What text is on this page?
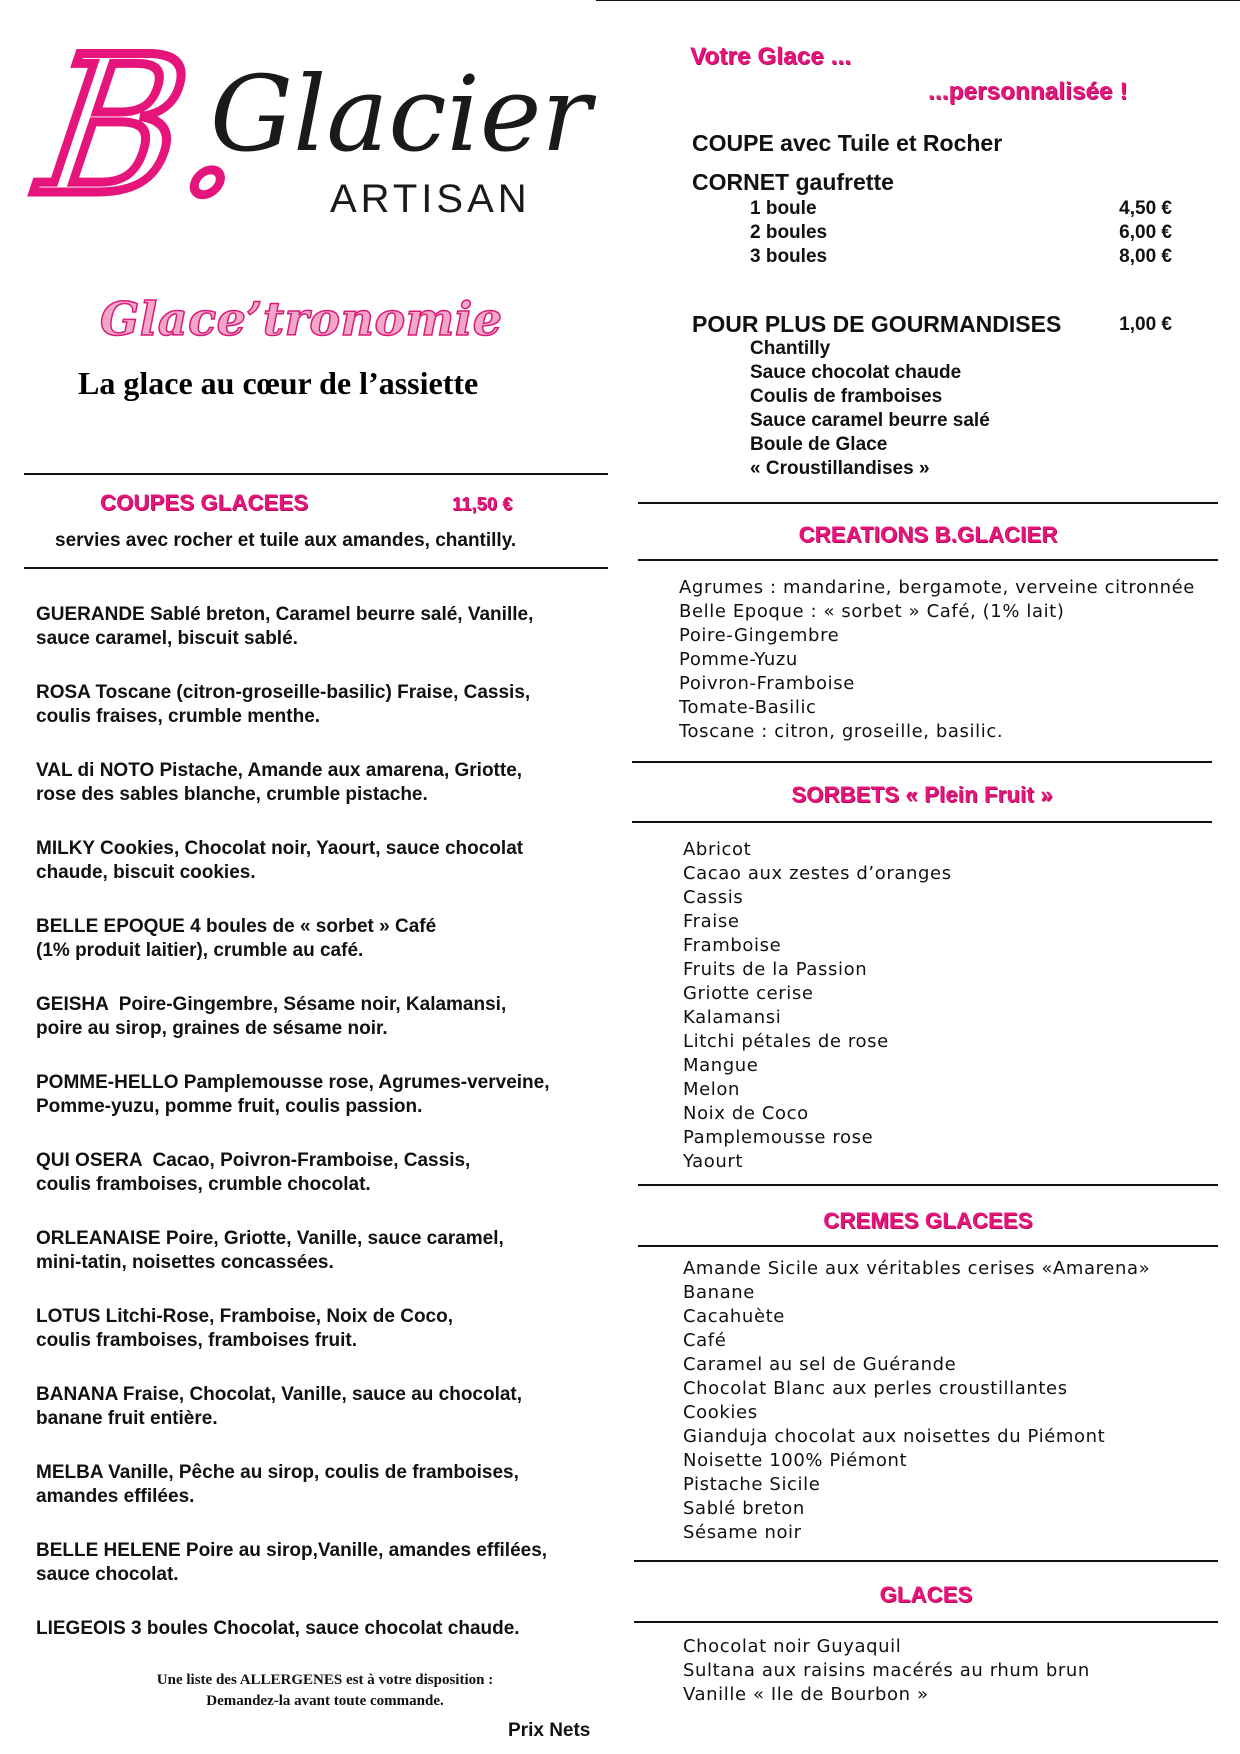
B.
Glacier
ARTISAN
Glace’tronomie
La glace au cœur de l’assiette
COUPES GLACEES	11,50 €
servies avec rocher et tuile aux amandes, chantilly.
GUERANDE Sablé breton, Caramel beurre salé, Vanille,
sauce caramel, biscuit sablé.
ROSA Toscane (citron-groseille-basilic) Fraise, Cassis,
coulis fraises, crumble menthe.
VAL di NOTO Pistache, Amande aux amarena, Griotte,
rose des sables blanche, crumble pistache.
MILKY Cookies, Chocolat noir, Yaourt, sauce chocolat
chaude, biscuit cookies.
BELLE EPOQUE 4 boules de « sorbet » Café
(1% produit laitier), crumble au café.
GEISHA  Poire-Gingembre, Sésame noir, Kalamansi,
poire au sirop, graines de sésame noir.
POMME-HELLO Pamplemousse rose, Agrumes-verveine,
Pomme-yuzu, pomme fruit, coulis passion.
QUI OSERA  Cacao, Poivron-Framboise, Cassis,
coulis framboises, crumble chocolat.
ORLEANAISE Poire, Griotte, Vanille, sauce caramel,
mini-tatin, noisettes concassées.
LOTUS Litchi-Rose, Framboise, Noix de Coco,
coulis framboises, framboises fruit.
BANANA Fraise, Chocolat, Vanille, sauce au chocolat,
banane fruit entière.
MELBA Vanille, Pêche au sirop, coulis de framboises,
amandes effilées.
BELLE HELENE Poire au sirop,Vanille, amandes effilées,
sauce chocolat.
LIEGEOIS 3 boules Chocolat, sauce chocolat chaude.
Une liste des ALLERGENES est à votre disposition :
Demandez-la avant toute commande.
Prix Nets
Votre Glace ...
...personnalisée !
COUPE avec Tuile et Rocher
CORNET gaufrette
1 boule	4,50 €
2 boules	6,00 €
3 boules	8,00 €
POUR PLUS DE GOURMANDISES	1,00 €
Chantilly
Sauce chocolat chaude
Coulis de framboises
Sauce caramel beurre salé
Boule de Glace
« Croustillandises »
CREATIONS B.GLACIER
Agrumes : mandarine, bergamote, verveine citronnée
Belle Epoque : « sorbet » Café, (1% lait)
Poire-Gingembre
Pomme-Yuzu
Poivron-Framboise
Tomate-Basilic
Toscane : citron, groseille, basilic.
SORBETS « Plein Fruit »
Abricot
Cacao aux zestes d’oranges
Cassis
Fraise
Framboise
Fruits de la Passion
Griotte cerise
Kalamansi
Litchi pétales de rose
Mangue
Melon
Noix de Coco
Pamplemousse rose
Yaourt
CREMES GLACEES
Amande Sicile aux véritables cerises «Amarena»
Banane
Cacahuète
Café
Caramel au sel de Guérande
Chocolat Blanc aux perles croustillantes
Cookies
Gianduja chocolat aux noisettes du Piémont
Noisette 100% Piémont
Pistache Sicile
Sablé breton
Sésame noir
GLACES
Chocolat noir Guyaquil
Sultana aux raisins macérés au rhum brun
Vanille « Ile de Bourbon »
